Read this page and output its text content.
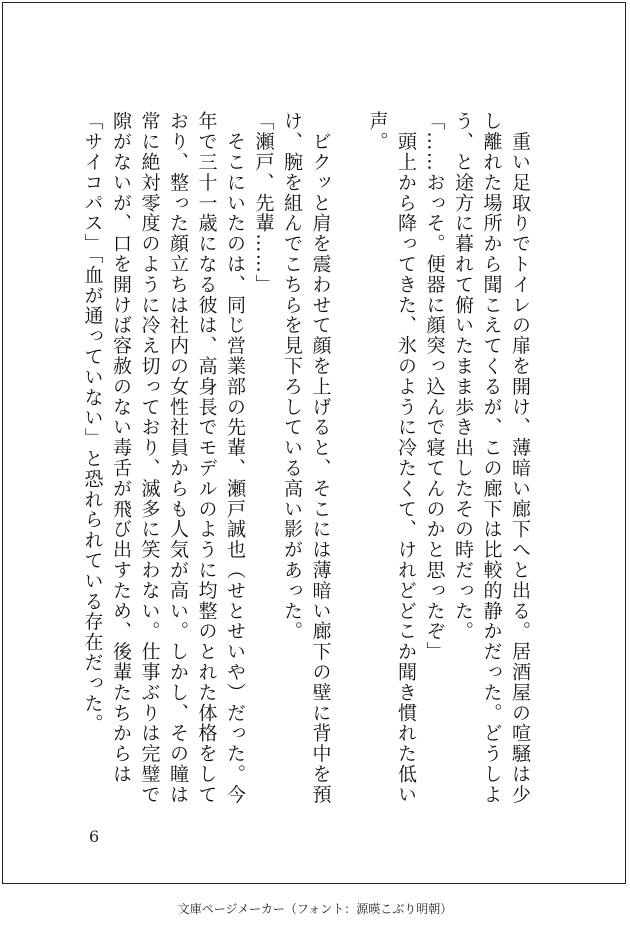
　重い足取りでトイレの扉を開け、薄暗い廊下へと出る。居酒屋の喧騒は少し離れた場所から聞こえてくるが、この廊下は比較的静かだった。どうしよう、と途方に暮れて俯いたまま歩き出したその時だった。

「……おっそ。便器に顔突っ込んで寝てんのかと思ったぞ」

　頭上から降ってきた、氷のように冷たくて、けれどどこか聞き慣れた低い声。

　ビクッと肩を震わせて顔を上げると、そこには薄暗い廊下の壁に背中を預け、腕を組んでこちらを見下ろしている高い影があった。

「瀬戸、先輩……」

　そこにいたのは、同じ営業部の先輩、瀬戸誠也（せとせいや）だった。今年で三十一歳になる彼は、高身長でモデルのように均整のとれた体格をしており、整った顔立ちは社内の女性社員からも人気が高い。しかし、その瞳は常に絶対零度のように冷え切っており、滅多に笑わない。仕事ぶりは完璧で隙がないが、口を開けば容赦のない毒舌が飛び出すため、後輩たちからは「サイコパス」「血が通っていない」と恐れられている存在だった。

6
文庫ページメーカー（フォント：源暎こぶり明朝）
